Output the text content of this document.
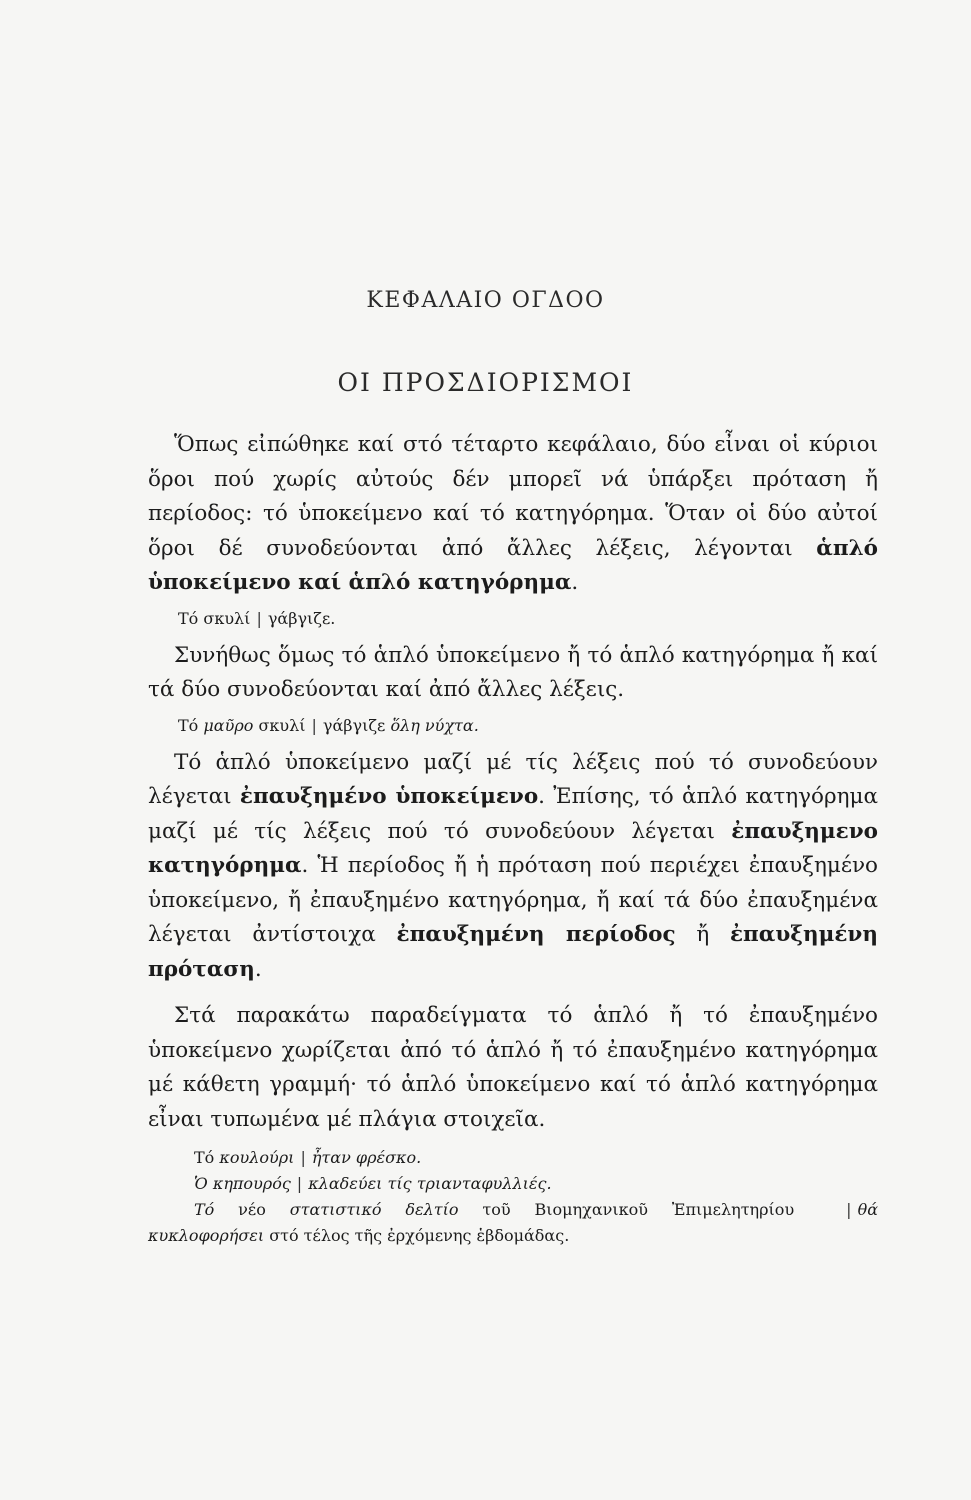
ΚΕΦΑΛΑΙΟ ΟΓΔΟΟ
ΟΙ ΠΡΟΣΔΙΟΡΙΣΜΟΙ

Ὅπως εἰπώθηκε καί στό τέταρτο κεφάλαιο, δύο εἶναι οἱ κύριοι ὅροι πού χωρίς αὐτούς δέν μπορεῖ νά ὑπάρξει πρόταση ἤ περίοδος: τό ὑποκείμενο καί τό κατηγόρημα. Ὅταν οἱ δύο αὐτοί ὅροι δέ συνοδεύονται ἀπό ἄλλες λέξεις, λέγονται ἁπλό ὑποκείμενο καί ἁπλό κατηγόρημα.

Τό σκυλί | γάβγιζε.

Συνήθως ὅμως τό ἁπλό ὑποκείμενο ἤ τό ἁπλό κατηγόρημα ἤ καί τά δύο συνοδεύονται καί ἀπό ἄλλες λέξεις.

Τό μαῦρο σκυλί | γάβγιζε ὅλη νύχτα.

Τό ἁπλό ὑποκείμενο μαζί μέ τίς λέξεις πού τό συνοδεύουν λέγεται ἐπαυξημένο ὑποκείμενο. Ἐπίσης, τό ἁπλό κατηγόρημα μαζί μέ τίς λέξεις πού τό συνοδεύουν λέγεται ἐπαυξημενο κατηγόρημα. Ἡ περίοδος ἤ ἡ πρόταση πού περιέχει ἐπαυξημένο ὑποκείμενο, ἤ ἐπαυξημένο κατηγόρημα, ἤ καί τά δύο ἐπαυξημένα λέγεται ἀντίστοιχα ἐπαυξημένη περίοδος ἤ ἐπαυξημένη πρόταση.

Στά παρακάτω παραδείγματα τό ἁπλό ἤ τό ἐπαυξημένο ὑποκείμενο χωρίζεται ἀπό τό ἁπλό ἤ τό ἐπαυξημένο κατηγόρημα μέ κάθετη γραμμή· τό ἁπλό ὑποκείμενο καί τό ἁπλό κατηγόρημα εἶναι τυπωμένα μέ πλάγια στοιχεῖα.

Τό κουλούρι | ἦταν φρέσκο.
Ὁ κηπουρός | κλαδεύει τίς τριανταφυλλιές.
Τό νέο στατιστικό δελτίο τοῦ Βιομηχανικοῦ Ἐπιμελητηρίου	| θά κυκλοφορήσει στό τέλος τῆς ἐρχόμενης ἑβδομάδας.
